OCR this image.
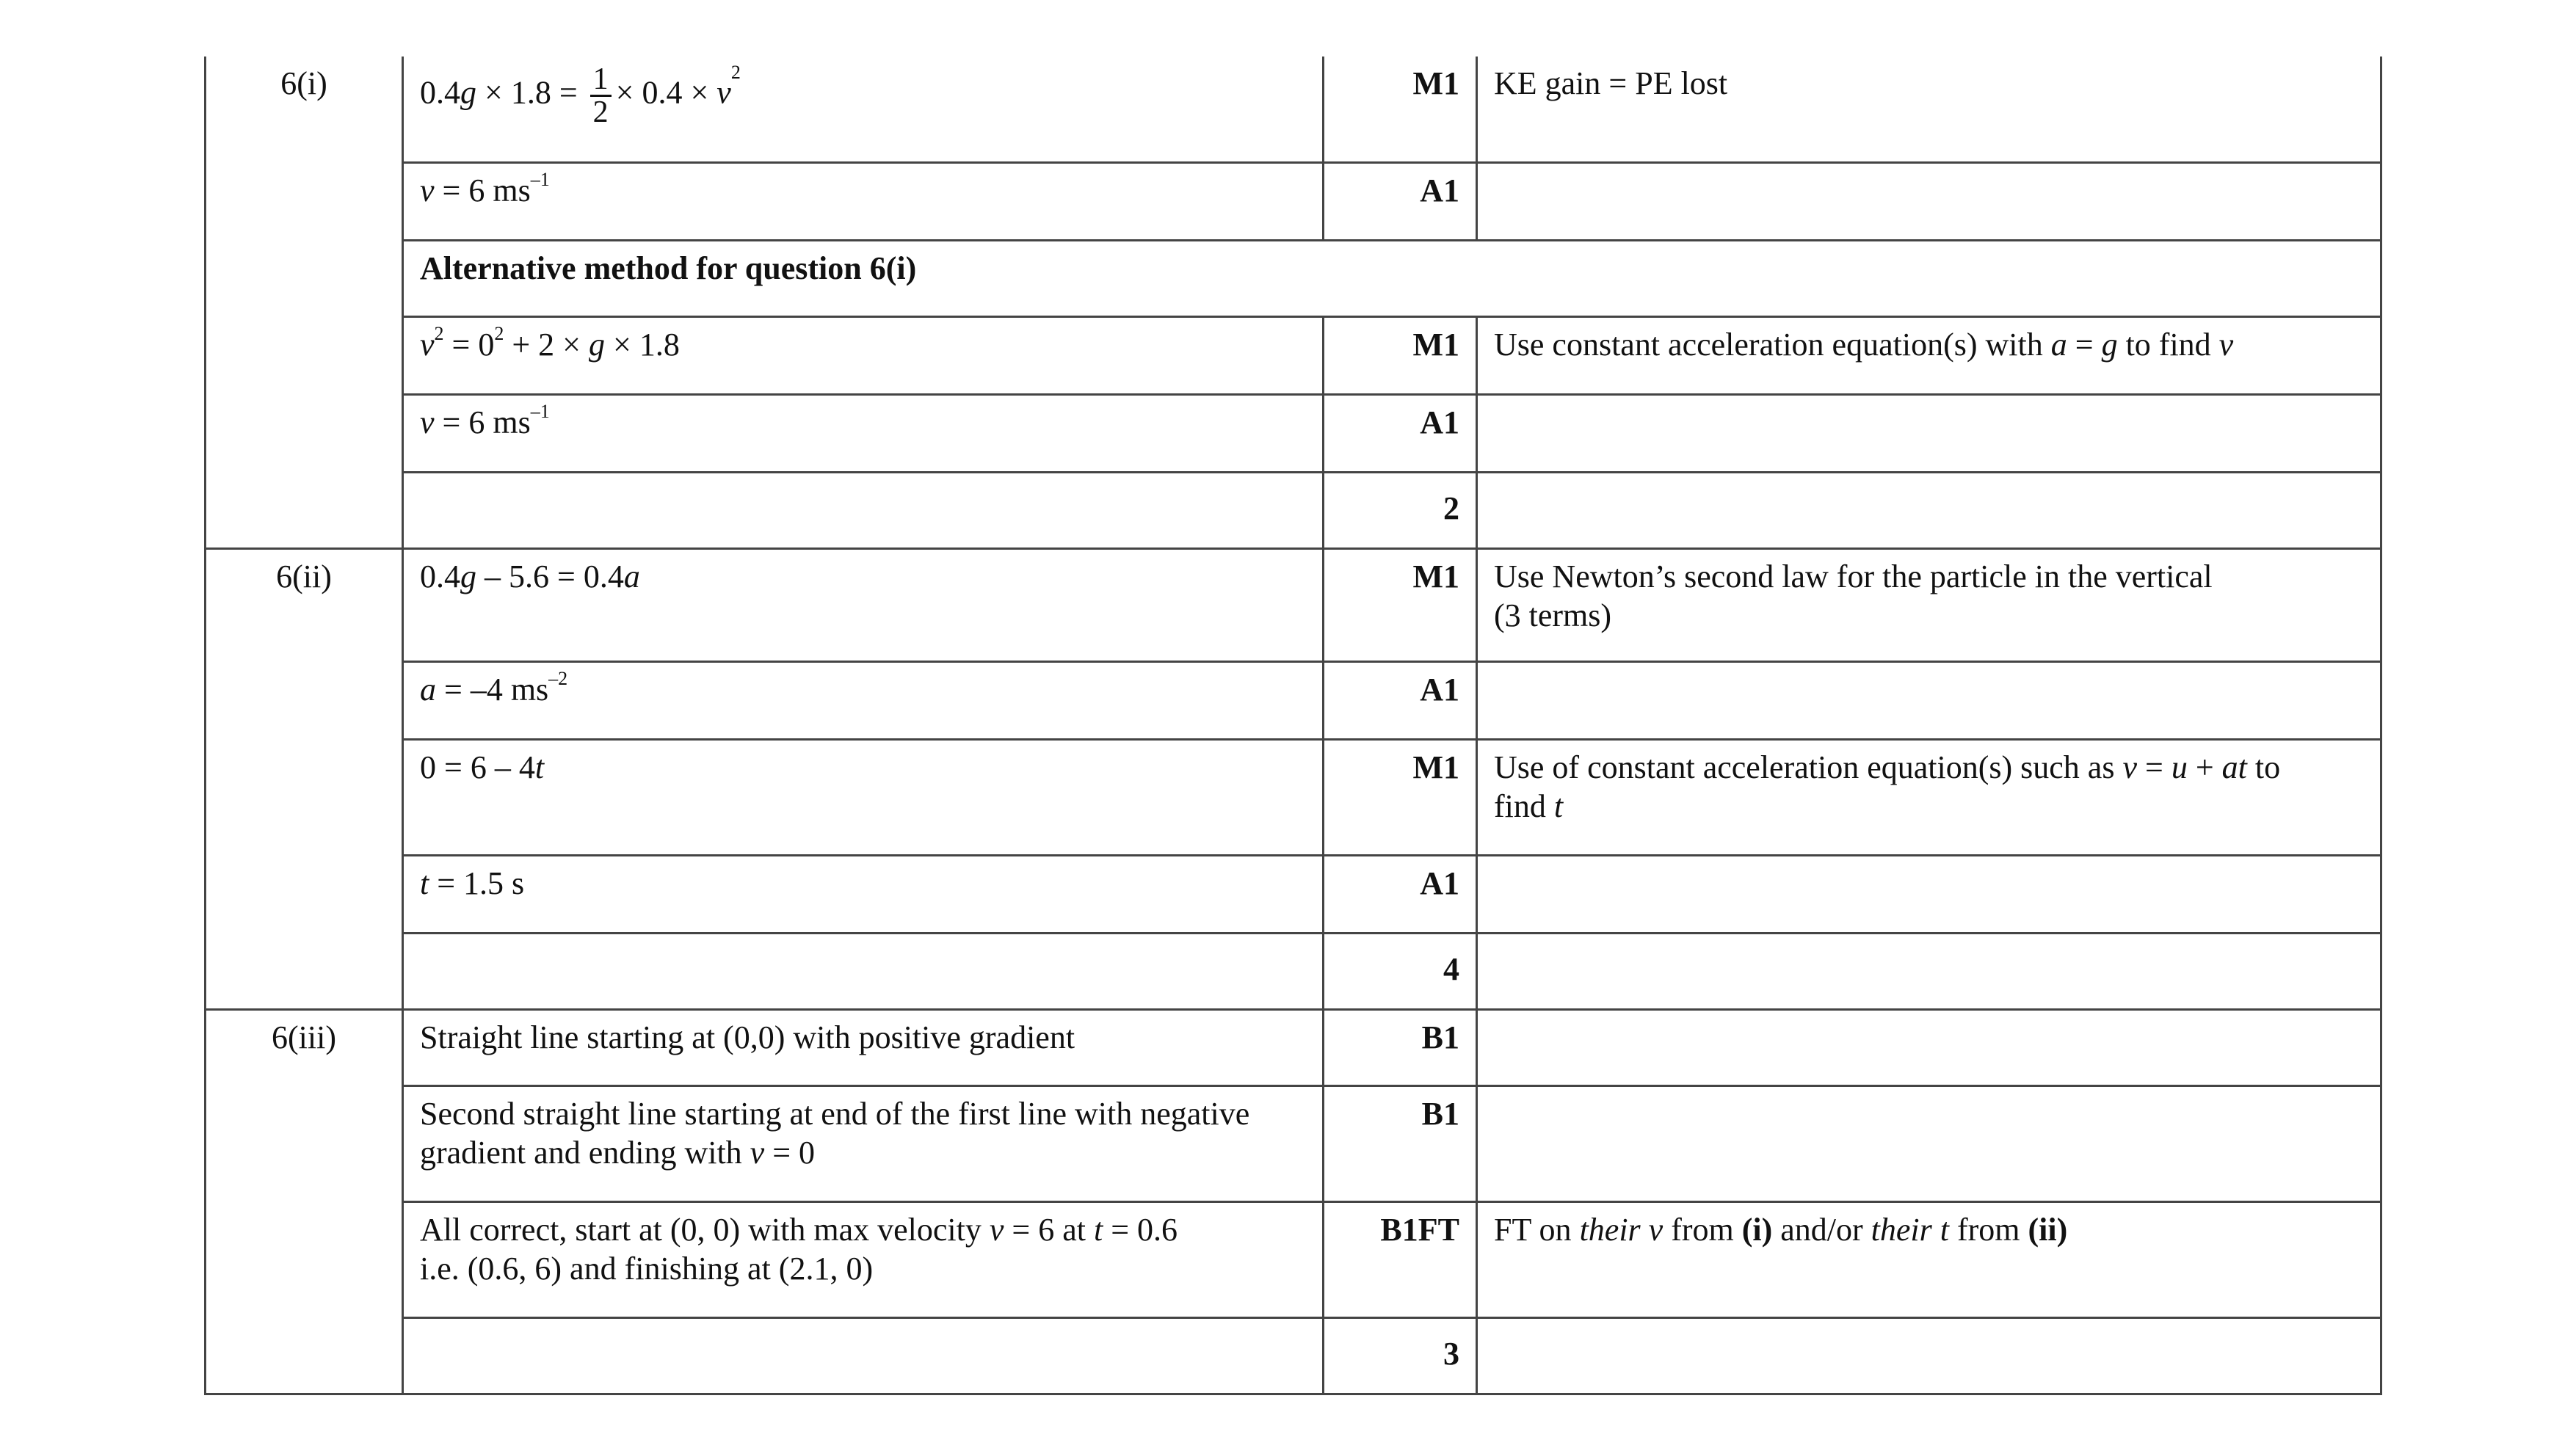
6(i)	$0.4g \times 1.8 = \frac{1}{2} \times 0.4 \times v^2$	M1	KE gain = PE lost
	v = 6 $ms^{-1}$	A1	
	Alternative method for question 6(i)		
	$v^2 = 0^2 + 2 \times g \times 1.8$	M1	Use constant acceleration equation(s) with a = g to find v
	v = 6 $ms^{-1}$	A1	
		2	
6(ii)	0.4g – 5.6 = 0.4a	M1	Use Newton’s second law for the particle in the vertical
(3 terms)

	a = –4 $ms^{-2}$	A1	
	0 = 6 – 4t	M1	Use of constant acceleration equation(s) such as v = u + at to
find t

	t = 1.5 s	A1	
		4	
6(iii)	Straight line starting at (0,0) with positive gradient	B1	

	Second straight line starting at end of the first line with negative
gradient and ending with v = 0	B1	

	All correct, start at (0, 0) with max velocity v = 6 at t = 0.6
i.e. (0.6, 6) and finishing at (2.1, 0)	B1FT	FT on their v from (i) and/or their t from (ii)
		3	
